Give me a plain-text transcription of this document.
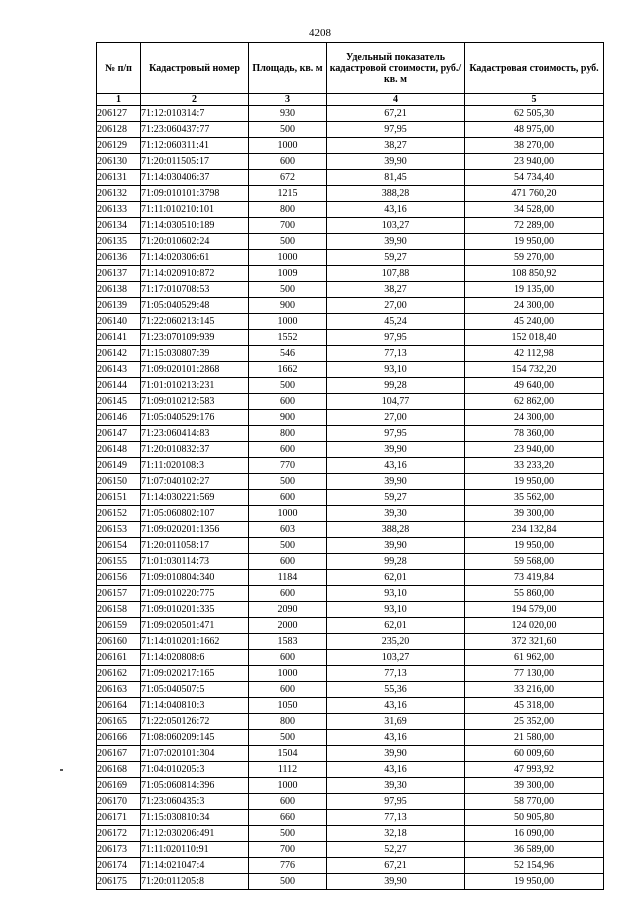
4208
№ п/п	Кадастровый номер	Площадь, кв. м	Удельный показатель кадастровой стоимости, руб./кв. м	Кадастровая стоимость, руб.
1	2	3	4	5
206127	71:12:010314:7	930	67,21	62 505,30
206128	71:23:060437:77	500	97,95	48 975,00
206129	71:12:060311:41	1000	38,27	38 270,00
206130	71:20:011505:17	600	39,90	23 940,00
206131	71:14:030406:37	672	81,45	54 734,40
206132	71:09:010101:3798	1215	388,28	471 760,20
206133	71:11:010210:101	800	43,16	34 528,00
206134	71:14:030510:189	700	103,27	72 289,00
206135	71:20:010602:24	500	39,90	19 950,00
206136	71:14:020306:61	1000	59,27	59 270,00
206137	71:14:020910:872	1009	107,88	108 850,92
206138	71:17:010708:53	500	38,27	19 135,00
206139	71:05:040529:48	900	27,00	24 300,00
206140	71:22:060213:145	1000	45,24	45 240,00
206141	71:23:070109:939	1552	97,95	152 018,40
206142	71:15:030807:39	546	77,13	42 112,98
206143	71:09:020101:2868	1662	93,10	154 732,20
206144	71:01:010213:231	500	99,28	49 640,00
206145	71:09:010212:583	600	104,77	62 862,00
206146	71:05:040529:176	900	27,00	24 300,00
206147	71:23:060414:83	800	97,95	78 360,00
206148	71:20:010832:37	600	39,90	23 940,00
206149	71:11:020108:3	770	43,16	33 233,20
206150	71:07:040102:27	500	39,90	19 950,00
206151	71:14:030221:569	600	59,27	35 562,00
206152	71:05:060802:107	1000	39,30	39 300,00
206153	71:09:020201:1356	603	388,28	234 132,84
206154	71:20:011058:17	500	39,90	19 950,00
206155	71:01:030114:73	600	99,28	59 568,00
206156	71:09:010804:340	1184	62,01	73 419,84
206157	71:09:010220:775	600	93,10	55 860,00
206158	71:09:010201:335	2090	93,10	194 579,00
206159	71:09:020501:471	2000	62,01	124 020,00
206160	71:14:010201:1662	1583	235,20	372 321,60
206161	71:14:020808:6	600	103,27	61 962,00
206162	71:09:020217:165	1000	77,13	77 130,00
206163	71:05:040507:5	600	55,36	33 216,00
206164	71:14:040810:3	1050	43,16	45 318,00
206165	71:22:050126:72	800	31,69	25 352,00
206166	71:08:060209:145	500	43,16	21 580,00
206167	71:07:020101:304	1504	39,90	60 009,60
206168	71:04:010205:3	1112	43,16	47 993,92
206169	71:05:060814:396	1000	39,30	39 300,00
206170	71:23:060435:3	600	97,95	58 770,00
206171	71:15:030810:34	660	77,13	50 905,80
206172	71:12:030206:491	500	32,18	16 090,00
206173	71:11:020110:91	700	52,27	36 589,00
206174	71:14:021047:4	776	67,21	52 154,96
206175	71:20:011205:8	500	39,90	19 950,00
